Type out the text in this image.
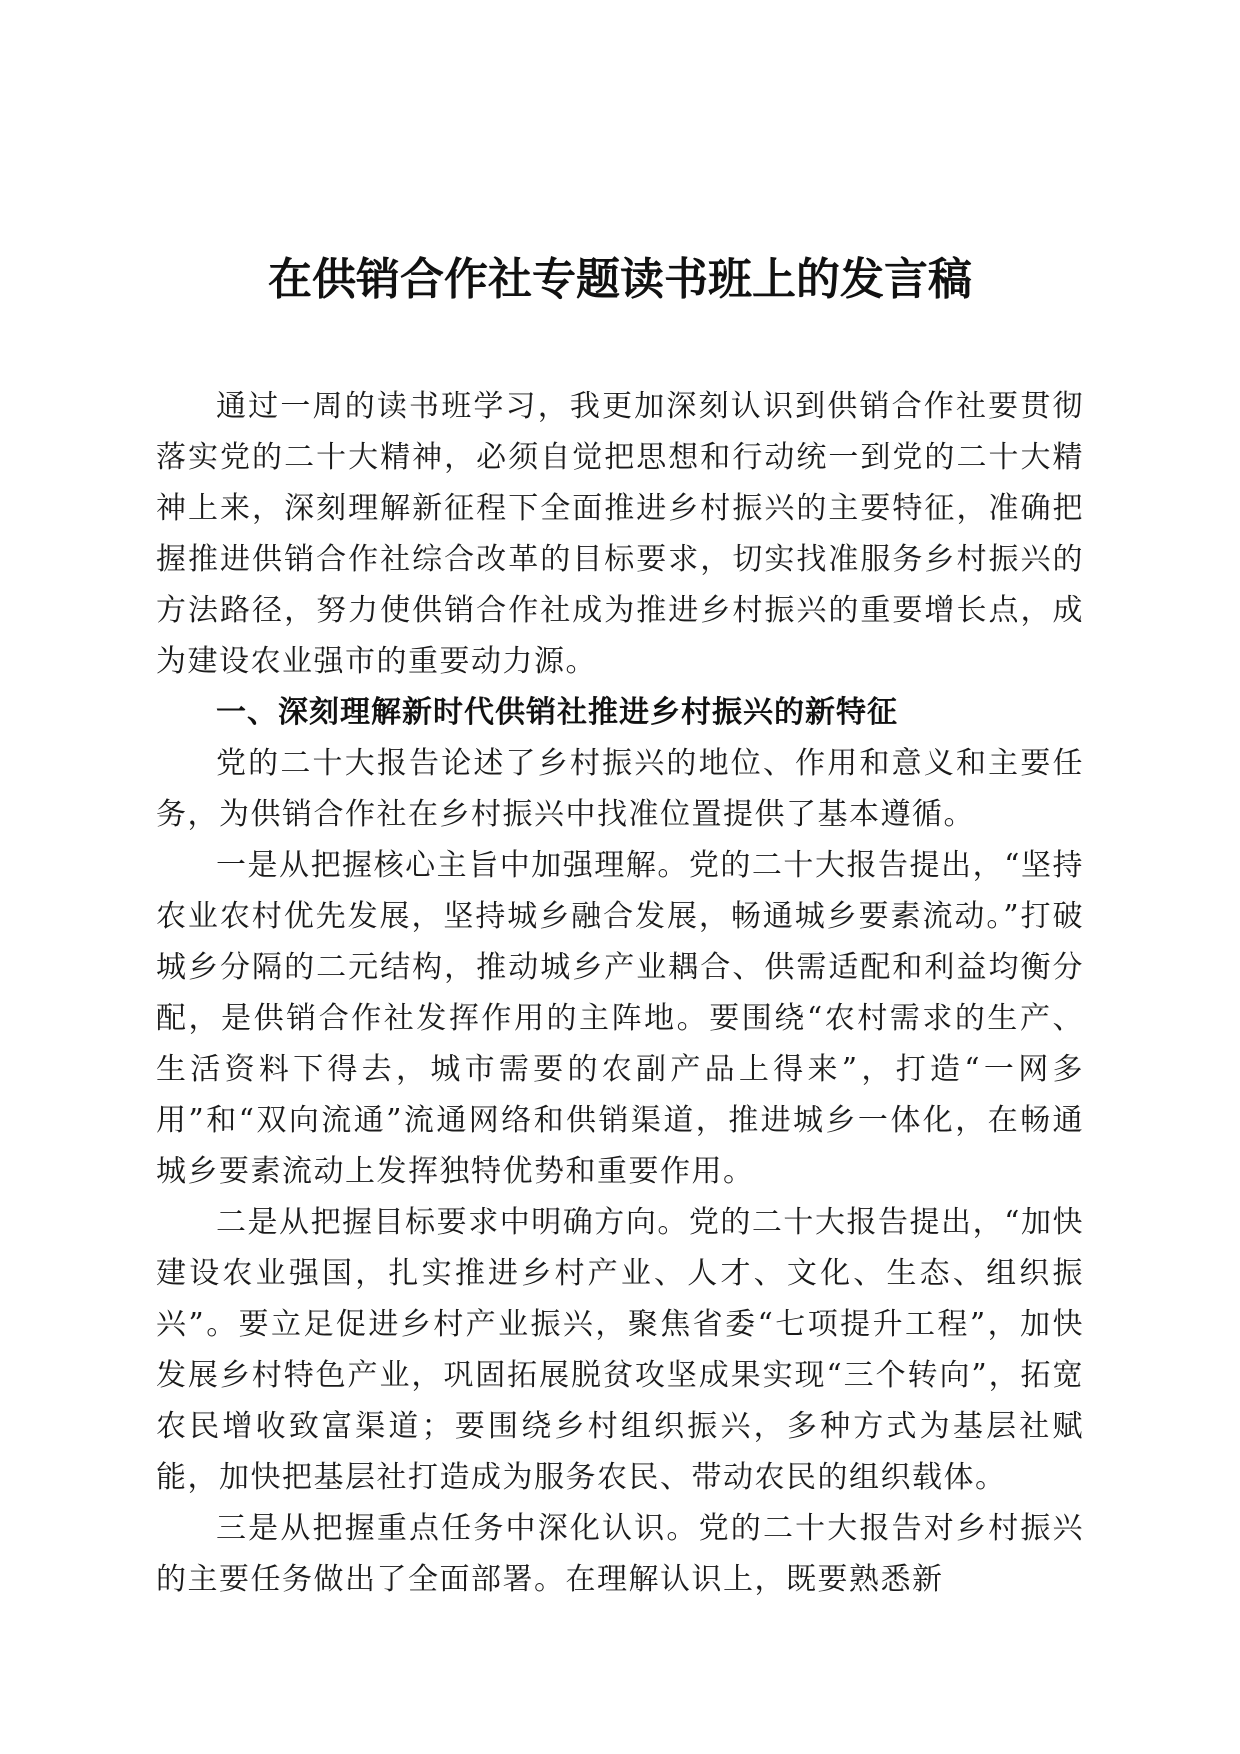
在供销合作社专题读书班上的发言稿

通过一周的读书班学习，我更加深刻认识到供销合作社要贯彻落实党的二十大精神，必须自觉把思想和行动统一到党的二十大精神上来，深刻理解新征程下全面推进乡村振兴的主要特征，准确把握推进供销合作社综合改革的目标要求，切实找准服务乡村振兴的方法路径，努力使供销合作社成为推进乡村振兴的重要增长点，成为建设农业强市的重要动力源。

一、深刻理解新时代供销社推进乡村振兴的新特征

党的二十大报告论述了乡村振兴的地位、作用和意义和主要任务，为供销合作社在乡村振兴中找准位置提供了基本遵循。

一是从把握核心主旨中加强理解。党的二十大报告提出，“坚持农业农村优先发展，坚持城乡融合发展，畅通城乡要素流动。”打破城乡分隔的二元结构，推动城乡产业耦合、供需适配和利益均衡分配，是供销合作社发挥作用的主阵地。要围绕“农村需求的生产、生活资料下得去，城市需要的农副产品上得来”，打造“一网多用”和“双向流通”流通网络和供销渠道，推进城乡一体化，在畅通城乡要素流动上发挥独特优势和重要作用。

二是从把握目标要求中明确方向。党的二十大报告提出，“加快建设农业强国，扎实推进乡村产业、人才、文化、生态、组织振兴”。要立足促进乡村产业振兴，聚焦省委“七项提升工程”，加快发展乡村特色产业，巩固拓展脱贫攻坚成果实现“三个转向”，拓宽农民增收致富渠道；要围绕乡村组织振兴，多种方式为基层社赋能，加快把基层社打造成为服务农民、带动农民的组织载体。

三是从把握重点任务中深化认识。党的二十大报告对乡村振兴的主要任务做出了全面部署。在理解认识上，既要熟悉新
